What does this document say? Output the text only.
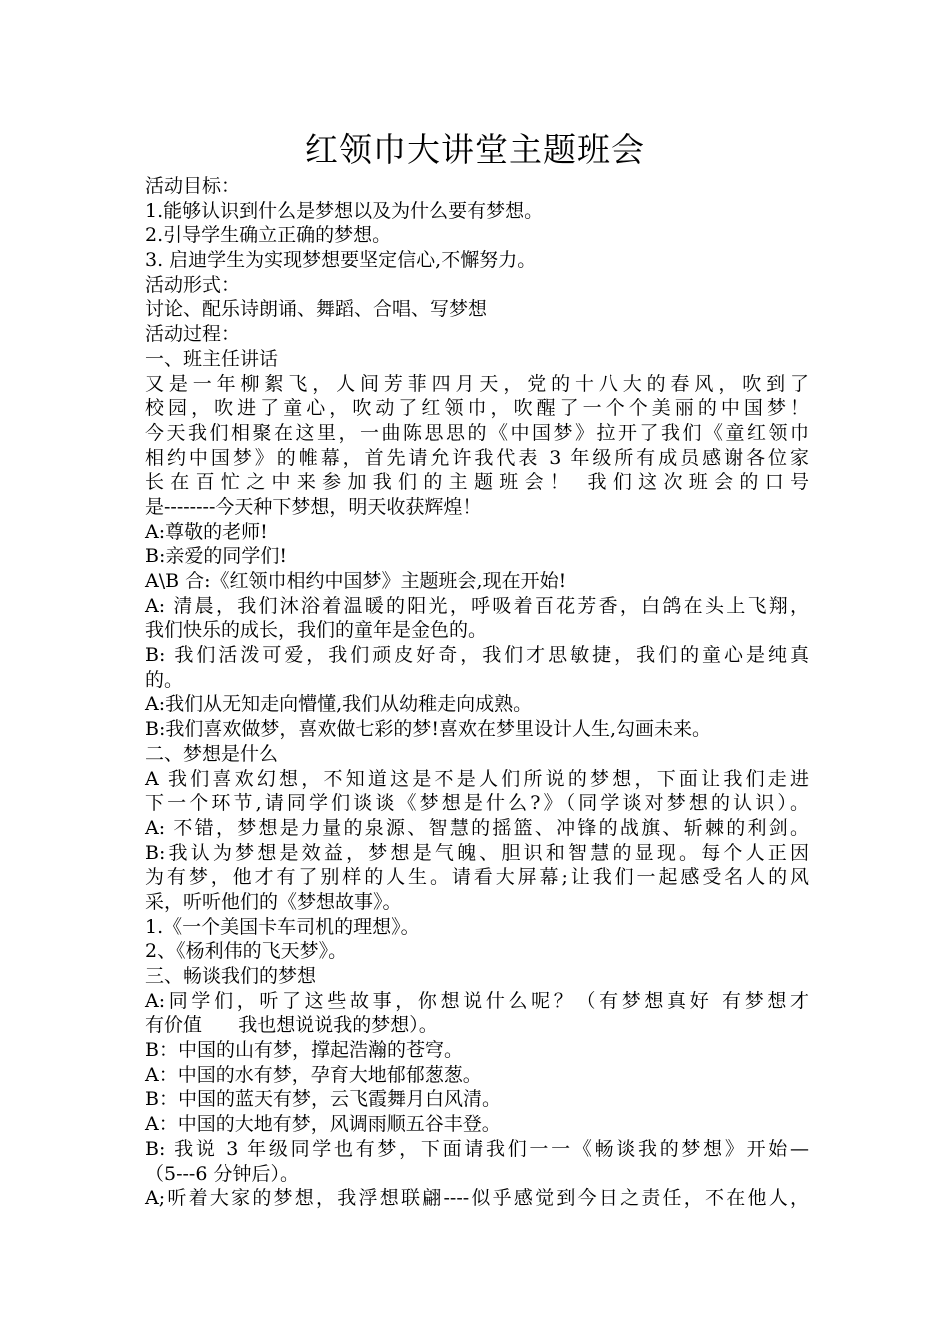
红领巾大讲堂主题班会
活动目标：
1.能够认识到什么是梦想以及为什么要有梦想。
2.引导学生确立正确的梦想。
3. 启迪学生为实现梦想要坚定信心,不懈努力。
活动形式：
讨论、配乐诗朗诵、舞蹈、合唱、写梦想
活动过程：
一、班主任讲话
又是一年柳絮飞，人间芳菲四月天，党的十八大的春风，吹到了
校园，吹进了童心，吹动了红领巾，吹醒了一个个美丽的中国梦！
今天我们相聚在这里，一曲陈思思的《中国梦》拉开了我们《童红领巾
相约中国梦》的帷幕，首先请允许我代表 3 年级所有成员感谢各位家
长在百忙之中来参加我们的主题班会！ 我们这次班会的口号
是--------今天种下梦想，明天收获辉煌！
A:尊敬的老师!
B:亲爱的同学们!
A\B 合:《红领巾相约中国梦》主题班会,现在开始!
A: 清晨，我们沐浴着温暖的阳光，呼吸着百花芳香，白鸽在头上飞翔，
我们快乐的成长，我们的童年是金色的。
B: 我们活泼可爱，我们顽皮好奇，我们才思敏捷，我们的童心是纯真
的。
A:我们从无知走向懵懂,我们从幼稚走向成熟。
B:我们喜欢做梦，喜欢做七彩的梦!喜欢在梦里设计人生,勾画未来。
二、梦想是什么
A 我们喜欢幻想，不知道这是不是人们所说的梦想，下面让我们走进
下一个环节,请同学们谈谈《梦想是什么?》（同学谈对梦想的认识）。
A: 不错，梦想是力量的泉源、智慧的摇篮、冲锋的战旗、斩棘的利剑。
B:我认为梦想是效益，梦想是气魄、胆识和智慧的显现。每个人正因
为有梦，他才有了别样的人生。请看大屏幕;让我们一起感受名人的风
采，听听他们的《梦想故事》。
1.《一个美国卡车司机的理想》。
2、《杨利伟的飞天梦》。
三、畅谈我们的梦想
A:同学们，听了这些故事，你想说什么呢？（有梦想真好 有梦想才
有价值      我也想说说我的梦想）。
B：中国的山有梦，撑起浩瀚的苍穹。
A：中国的水有梦，孕育大地郁郁葱葱。
B：中国的蓝天有梦，云飞霞舞月白风清。
A：中国的大地有梦，风调雨顺五谷丰登。
B: 我说 3 年级同学也有梦，下面请我们一一《畅谈我的梦想》开始—
（5---6 分钟后）。
A;听着大家的梦想，我浮想联翩----似乎感觉到今日之责任，不在他人，
